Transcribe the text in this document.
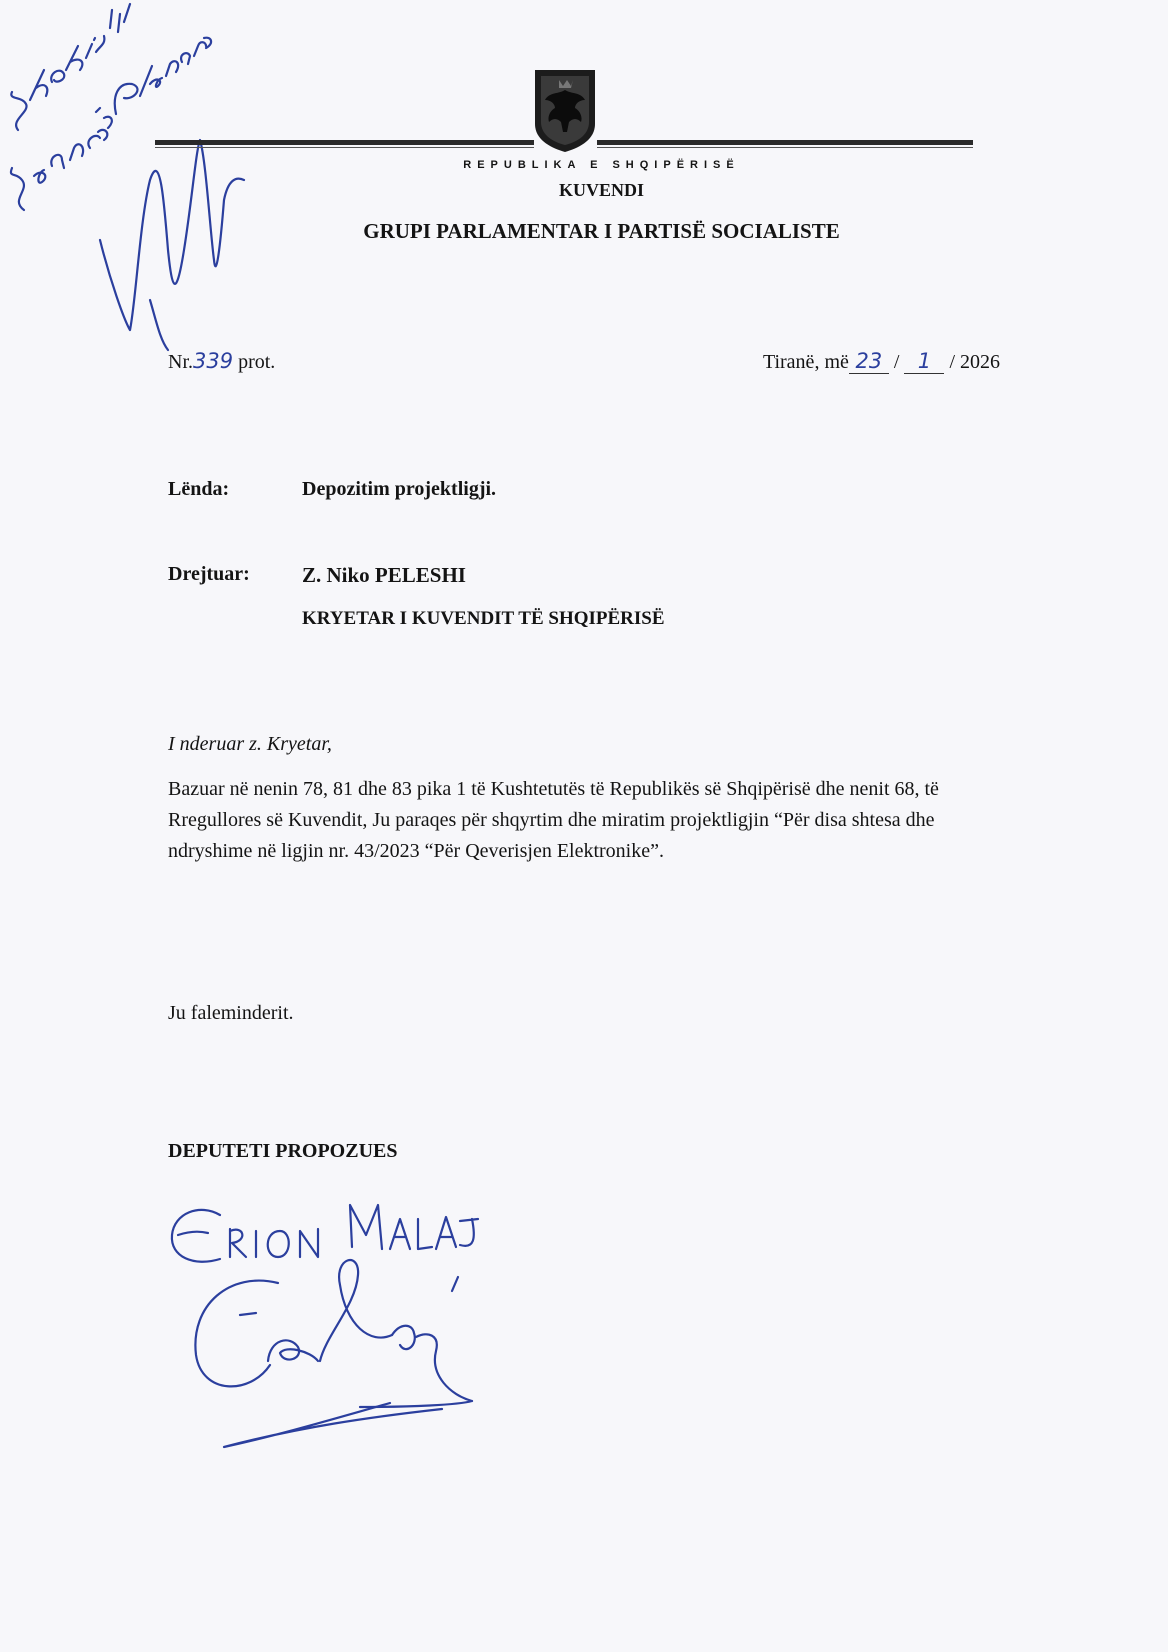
REPUBLIKA E SHQIPËRISË
KUVENDI
GRUPI PARLAMENTAR I PARTISË SOCIALISTE
Nr.339 prot.	Tiranë, më 23 / 1 / 2026
Lënda:	Depozitim projektligji.
Drejtuar: Z. Niko PELESHI
KRYETAR I KUVENDIT TË SHQIPËRISË
I nderuar z. Kryetar,
Bazuar në nenin 78, 81 dhe 83 pika 1 të Kushtetutës të Republikës së Shqipërisë dhe nenit 68, të Rregullores së Kuvendit, Ju paraqes për shqyrtim dhe miratim projektligjin “Për disa shtesa dhe ndryshime në ligjin nr. 43/2023 “Për Qeverisjen Elektronike”.
Ju faleminderit.
DEPUTETI PROPOZUES
